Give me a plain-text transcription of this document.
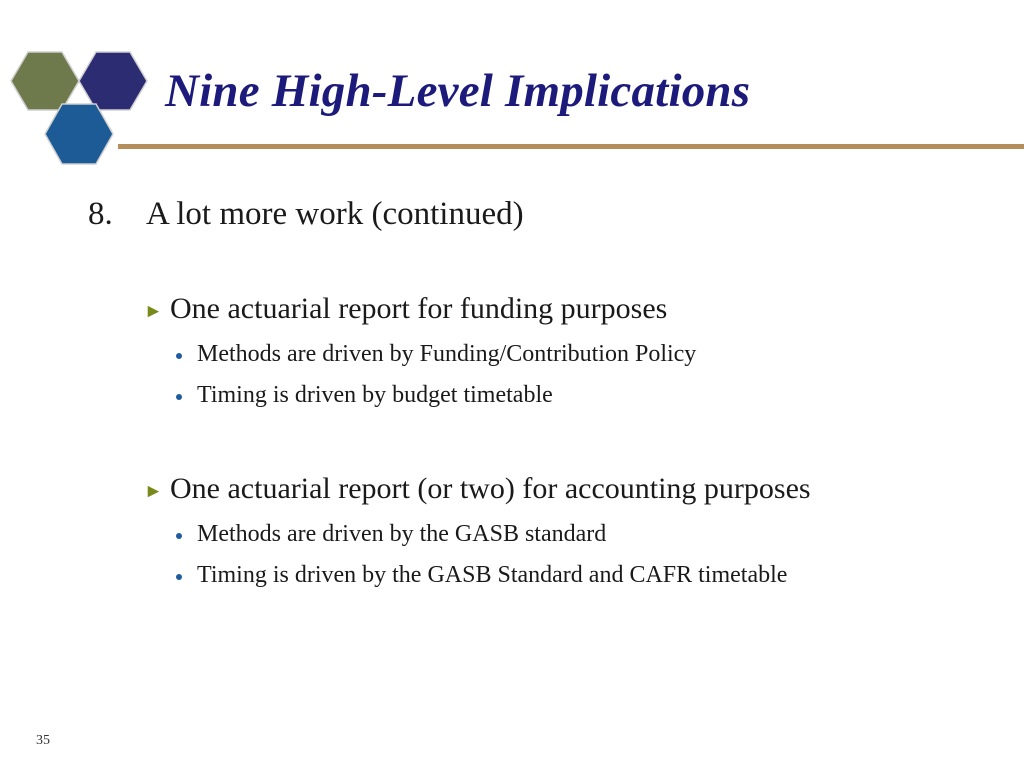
Nine High-Level Implications
8. A lot more work (continued)
► One actuarial report for funding purposes
Methods are driven by Funding/Contribution Policy
Timing is driven by budget timetable
► One actuarial report (or two) for accounting purposes
Methods are driven by the GASB standard
Timing is driven by the GASB Standard and CAFR timetable
35
